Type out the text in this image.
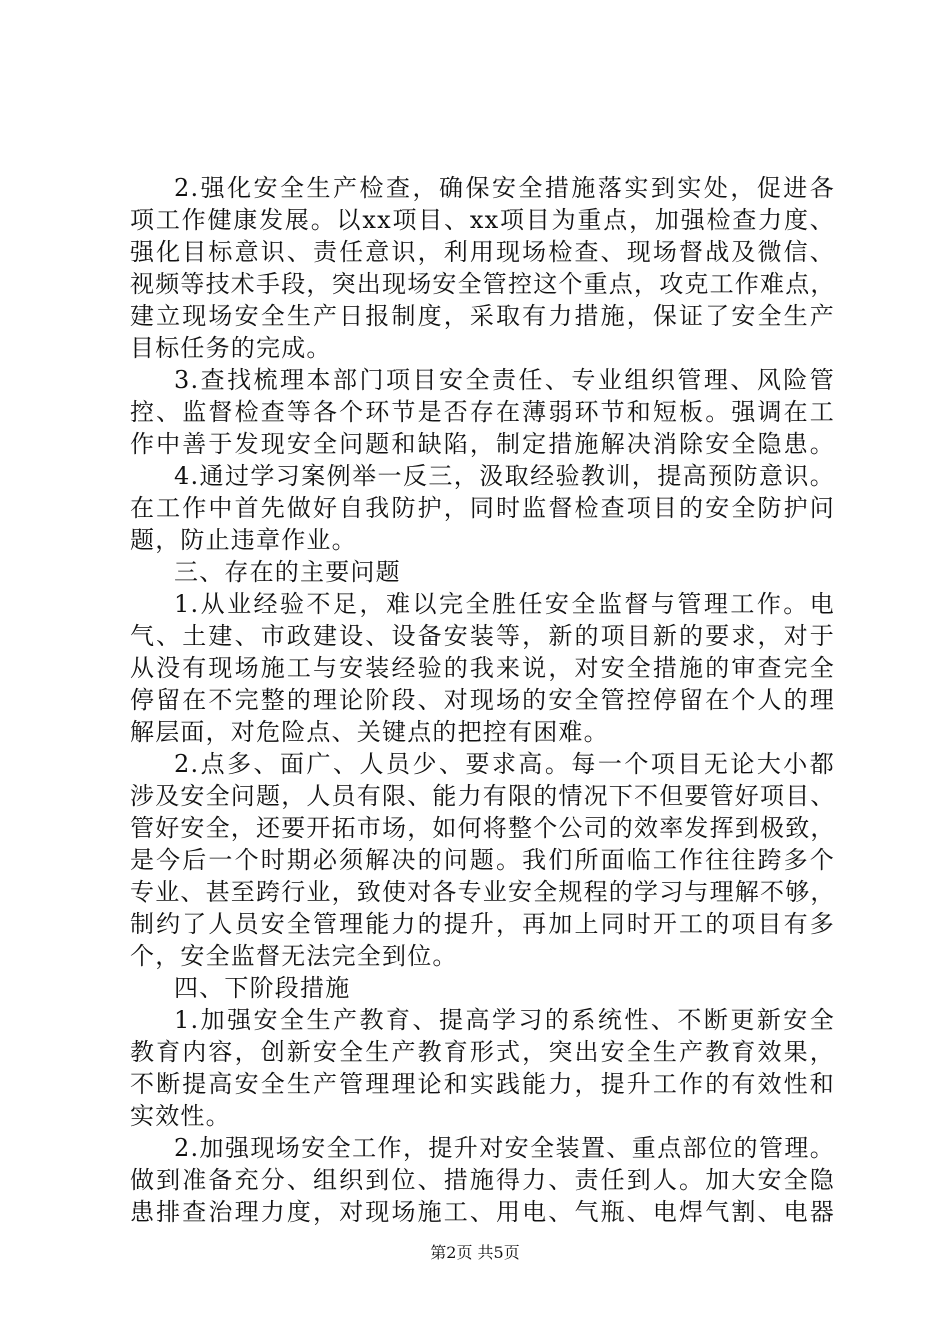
2.强化安全生产检查，确保安全措施落实到实处，促进各
项工作健康发展。以xx项目、xx项目为重点，加强检查力度、
强化目标意识、责任意识，利用现场检查、现场督战及微信、
视频等技术手段，突出现场安全管控这个重点，攻克工作难点，
建立现场安全生产日报制度，采取有力措施，保证了安全生产
目标任务的完成。
3.查找梳理本部门项目安全责任、专业组织管理、风险管
控、监督检查等各个环节是否存在薄弱环节和短板。强调在工
作中善于发现安全问题和缺陷，制定措施解决消除安全隐患。
4.通过学习案例举一反三，汲取经验教训，提高预防意识。
在工作中首先做好自我防护，同时监督检查项目的安全防护问
题，防止违章作业。
三、存在的主要问题
1.从业经验不足，难以完全胜任安全监督与管理工作。电
气、土建、市政建设、设备安装等，新的项目新的要求，对于
从没有现场施工与安装经验的我来说，对安全措施的审查完全
停留在不完整的理论阶段、对现场的安全管控停留在个人的理
解层面，对危险点、关键点的把控有困难。
2.点多、面广、人员少、要求高。每一个项目无论大小都
涉及安全问题，人员有限、能力有限的情况下不但要管好项目、
管好安全，还要开拓市场，如何将整个公司的效率发挥到极致，
是今后一个时期必须解决的问题。我们所面临工作往往跨多个
专业、甚至跨行业，致使对各专业安全规程的学习与理解不够，
制约了人员安全管理能力的提升，再加上同时开工的项目有多
个，安全监督无法完全到位。
四、下阶段措施
1.加强安全生产教育、提高学习的系统性、不断更新安全
教育内容，创新安全生产教育形式，突出安全生产教育效果，
不断提高安全生产管理理论和实践能力，提升工作的有效性和
实效性。
2.加强现场安全工作，提升对安全装置、重点部位的管理。
做到准备充分、组织到位、措施得力、责任到人。加大安全隐
患排查治理力度，对现场施工、用电、气瓶、电焊气割、电器
第2页 共5页
